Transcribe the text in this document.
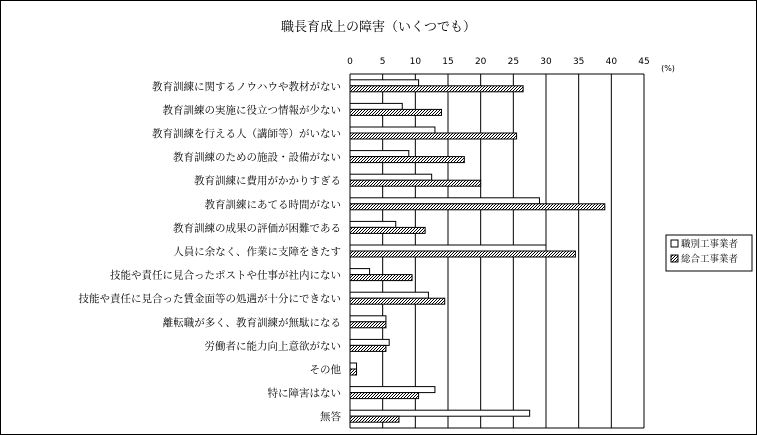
職長育成上の障害（いくつでも）
0	5	10 15 20 25 30 35 40 45
(%)
教育訓練に関するノウハウや教材がない
教育訓練の実施に役立つ情報が少ない
教育訓練を行える人（講師等）がいない
教育訓練のための施設・設備がない
教育訓練に費用がかかりすぎる
教育訓練にあてる時間がない
教育訓練の成果の評価が困難である
人員に余なく、作業に支障をきたす
技能や責任に見合ったポストや仕事が社内にない
技能や責任に見合った賃金面等の処遇が十分にできない
離転職が多く、教育訓練が無駄になる
労働者に能力向上意欲がない
その他
特に障害はない
無答
職別工事業者
総合工事業者
